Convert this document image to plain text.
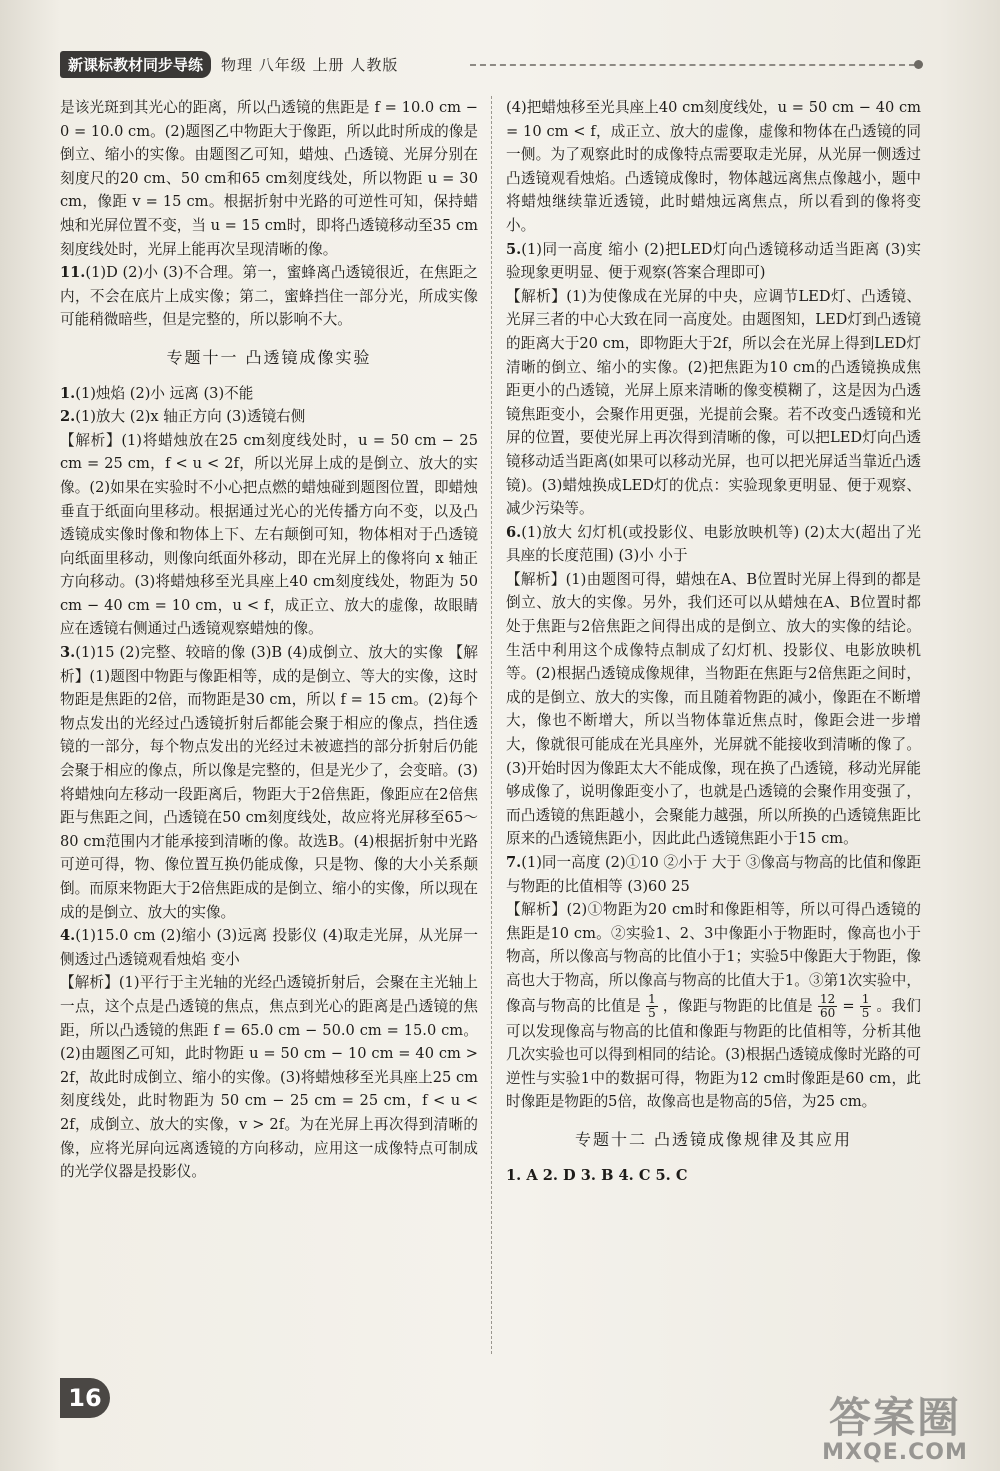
新课标教材同步导练	物理 八年级 上册 人教版

是该光斑到其光心的距离，所以凸透镜的焦距是 f = 10.0 cm − 0 = 10.0 cm。(2)题图乙中物距大于像距，所以此时所成的像是倒立、缩小的实像。由题图乙可知，蜡烛、凸透镜、光屏分别在刻度尺的20 cm、50 cm和65 cm刻度线处，所以物距 u = 30 cm，像距 v = 15 cm。根据折射中光路的可逆性可知，保持蜡烛和光屏位置不变，当 u = 15 cm时，即将凸透镜移动至35 cm刻度线处时，光屏上能再次呈现清晰的像。

11.(1)D (2)小 (3)不合理。第一，蜜蜂离凸透镜很近，在焦距之内，不会在底片上成实像；第二，蜜蜂挡住一部分光，所成实像可能稍微暗些，但是完整的，所以影响不大。

专题十一 凸透镜成像实验

1.(1)烛焰 (2)小 远离 (3)不能

2.(1)放大 (2)x 轴正方向 (3)透镜右侧

【解析】(1)将蜡烛放在25 cm刻度线处时，u = 50 cm − 25 cm = 25 cm，f < u < 2f，所以光屏上成的是倒立、放大的实像。(2)如果在实验时不小心把点燃的蜡烛碰到题图位置，即蜡烛垂直于纸面向里移动。根据通过光心的光传播方向不变，以及凸透镜成实像时像和物体上下、左右颠倒可知，物体相对于凸透镜向纸面里移动，则像向纸面外移动，即在光屏上的像将向 x 轴正方向移动。(3)将蜡烛移至光具座上40 cm刻度线处，物距为 50 cm − 40 cm = 10 cm，u < f，成正立、放大的虚像，故眼睛应在透镜右侧通过凸透镜观察蜡烛的像。

3.(1)15 (2)完整、较暗的像 (3)B (4)成倒立、放大的实像 【解析】(1)题图中物距与像距相等，成的是倒立、等大的实像，这时物距是焦距的2倍，而物距是30 cm，所以 f = 15 cm。(2)每个物点发出的光经过凸透镜折射后都能会聚于相应的像点，挡住透镜的一部分，每个物点发出的光经过未被遮挡的部分折射后仍能会聚于相应的像点，所以像是完整的，但是光少了，会变暗。(3)将蜡烛向左移动一段距离后，物距大于2倍焦距，像距应在2倍焦距与焦距之间，凸透镜在50 cm刻度线处，故应将光屏移至65～80 cm范围内才能承接到清晰的像。故选B。(4)根据折射中光路可逆可得，物、像位置互换仍能成像，只是物、像的大小关系颠倒。而原来物距大于2倍焦距成的是倒立、缩小的实像，所以现在成的是倒立、放大的实像。

4.(1)15.0 cm (2)缩小 (3)远离 投影仪 (4)取走光屏，从光屏一侧透过凸透镜观看烛焰 变小

【解析】(1)平行于主光轴的光经凸透镜折射后，会聚在主光轴上一点，这个点是凸透镜的焦点，焦点到光心的距离是凸透镜的焦距，所以凸透镜的焦距 f = 65.0 cm − 50.0 cm = 15.0 cm。(2)由题图乙可知，此时物距 u = 50 cm − 10 cm = 40 cm > 2f，故此时成倒立、缩小的实像。(3)将蜡烛移至光具座上25 cm刻度线处，此时物距为 50 cm − 25 cm = 25 cm，f < u < 2f，成倒立、放大的实像，v > 2f。为在光屏上再次得到清晰的像，应将光屏向远离透镜的方向移动，应用这一成像特点可制成的光学仪器是投影仪。

(4)把蜡烛移至光具座上40 cm刻度线处，u = 50 cm − 40 cm = 10 cm < f，成正立、放大的虚像，虚像和物体在凸透镜的同一侧。为了观察此时的成像特点需要取走光屏，从光屏一侧透过凸透镜观看烛焰。凸透镜成像时，物体越远离焦点像越小，题中将蜡烛继续靠近透镜，此时蜡烛远离焦点，所以看到的像将变小。

5.(1)同一高度 缩小 (2)把LED灯向凸透镜移动适当距离 (3)实验现象更明显、便于观察(答案合理即可)

【解析】(1)为使像成在光屏的中央，应调节LED灯、凸透镜、光屏三者的中心大致在同一高度处。由题图知，LED灯到凸透镜的距离大于20 cm，即物距大于2f，所以会在光屏上得到LED灯清晰的倒立、缩小的实像。(2)把焦距为10 cm的凸透镜换成焦距更小的凸透镜，光屏上原来清晰的像变模糊了，这是因为凸透镜焦距变小，会聚作用更强，光提前会聚。若不改变凸透镜和光屏的位置，要使光屏上再次得到清晰的像，可以把LED灯向凸透镜移动适当距离(如果可以移动光屏，也可以把光屏适当靠近凸透镜)。(3)蜡烛换成LED灯的优点：实验现象更明显、便于观察、减少污染等。

6.(1)放大 幻灯机(或投影仪、电影放映机等) (2)太大(超出了光具座的长度范围) (3)小 小于

【解析】(1)由题图可得，蜡烛在A、B位置时光屏上得到的都是倒立、放大的实像。另外，我们还可以从蜡烛在A、B位置时都处于焦距与2倍焦距之间得出成的是倒立、放大的实像的结论。生活中利用这个成像特点制成了幻灯机、投影仪、电影放映机等。(2)根据凸透镜成像规律，当物距在焦距与2倍焦距之间时，成的是倒立、放大的实像，而且随着物距的减小，像距在不断增大，像也不断增大，所以当物体靠近焦点时，像距会进一步增大，像就很可能成在光具座外，光屏就不能接收到清晰的像了。(3)开始时因为像距太大不能成像，现在换了凸透镜，移动光屏能够成像了，说明像距变小了，也就是凸透镜的会聚作用变强了，而凸透镜的焦距越小，会聚能力越强，所以所换的凸透镜焦距比原来的凸透镜焦距小，因此此凸透镜焦距小于15 cm。

7.(1)同一高度 (2)①10 ②小于 大于 ③像高与物高的比值和像距与物距的比值相等 (3)60 25

【解析】(2)①物距为20 cm时和像距相等，所以可得凸透镜的焦距是10 cm。②实验1、2、3中像距小于物距时，像高也小于物高，所以像高与物高的比值小于1；实验5中像距大于物距，像高也大于物高，所以像高与物高的比值大于1。③第1次实验中，像高与物高的比值是 $\frac{1}{5}$ ，像距与物距的比值是 $\frac{12}{60} = \frac{1}{5}$ 。我们可以发现像高与物高的比值和像距与物距的比值相等，分析其他几次实验也可以得到相同的结论。(3)根据凸透镜成像时光路的可逆性与实验1中的数据可得，物距为12 cm时像距是60 cm，此时像距是物距的5倍，故像高也是物高的5倍，为25 cm。

专题十二 凸透镜成像规律及其应用

1. A 2. D 3. B 4. C 5. C

16	答案圈
MXQE.COM
